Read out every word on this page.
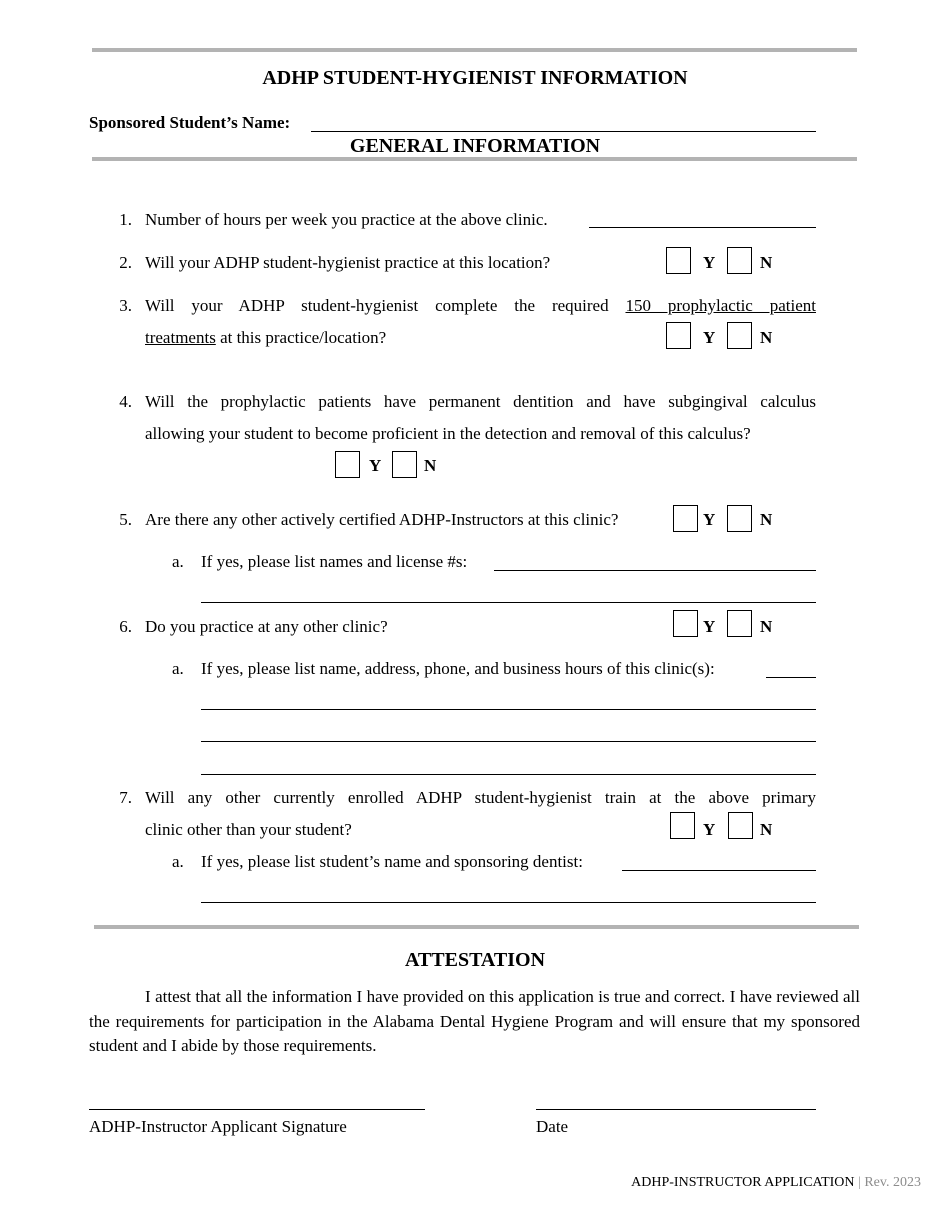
ADHP STUDENT-HYGIENIST INFORMATION
Sponsored Student’s Name:
GENERAL INFORMATION
1. Number of hours per week you practice at the above clinic.
2. Will your ADHP student-hygienist practice at this location?	Y	N
3. Will your ADHP student-hygienist complete the required 150 prophylactic patient
treatments at this practice/location?	Y	N
4. Will the prophylactic patients have permanent dentition and have subgingival calculus
allowing your student to become proficient in the detection and removal of this calculus?
Y	N
5. Are there any other actively certified ADHP-Instructors at this clinic?	Y	N
a. If yes, please list names and license #s:
6. Do you practice at any other clinic?	Y	N
a. If yes, please list name, address, phone, and business hours of this clinic(s):
7. Will any other currently enrolled ADHP student-hygienist train at the above primary
clinic other than your student?	Y	N
a. If yes, please list student’s name and sponsoring dentist:
ATTESTATION
I attest that all the information I have provided on this application is true and correct. I have reviewed all the requirements for participation in the Alabama Dental Hygiene Program and will ensure that my sponsored student and I abide by those requirements.
ADHP-Instructor Applicant Signature	Date
ADHP-INSTRUCTOR APPLICATION | Rev. 2023
